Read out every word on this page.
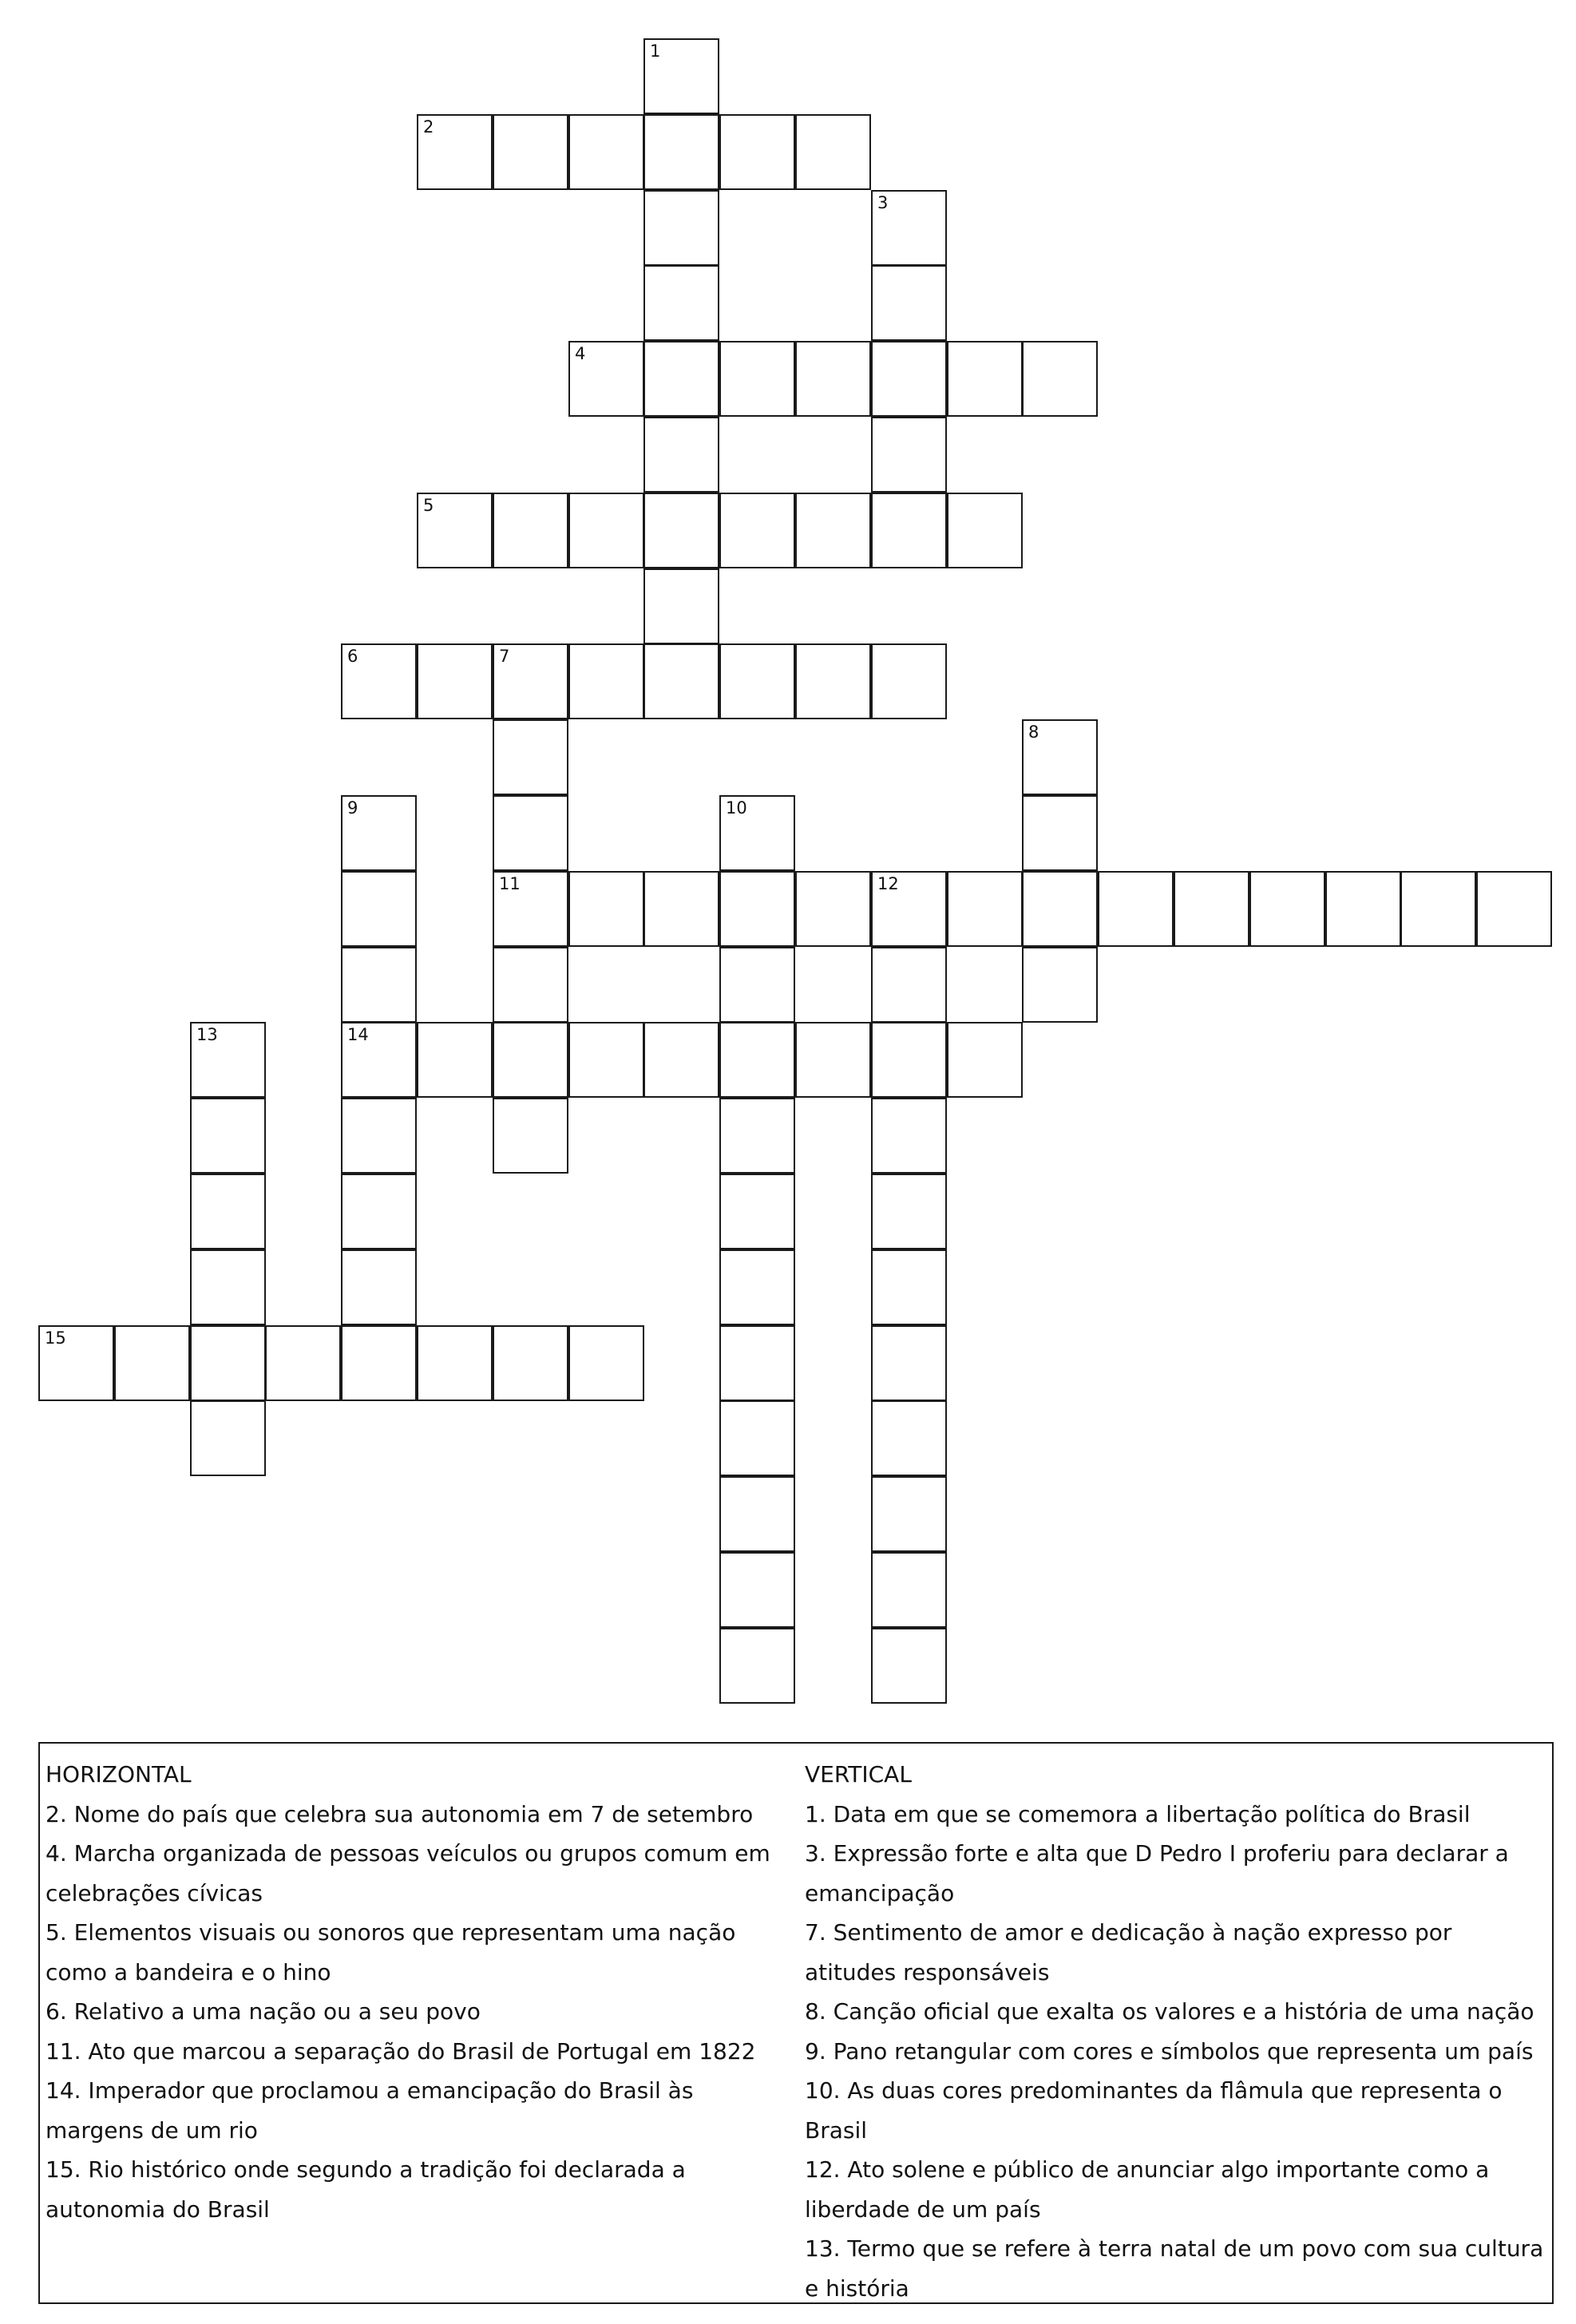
1
2
3
4
5
6	7
11
8
9
14
10
12
13
15

HORIZONTAL

2. Nome do país que celebra sua autonomia em 7 de setembro

4. Marcha organizada de pessoas veículos ou grupos comum em celebrações cívicas

5. Elementos visuais ou sonoros que representam uma nação como a bandeira e o hino

6. Relativo a uma nação ou a seu povo

11. Ato que marcou a separação do Brasil de Portugal em 1822

14. Imperador que proclamou a emancipação do Brasil às margens de um rio

15. Rio histórico onde segundo a tradição foi declarada a autonomia do Brasil

VERTICAL

1. Data em que se comemora a libertação política do Brasil

3. Expressão forte e alta que D Pedro I proferiu para declarar a emancipação

7. Sentimento de amor e dedicação à nação expresso por atitudes responsáveis

8. Canção oficial que exalta os valores e a história de uma nação

9. Pano retangular com cores e símbolos que representa um país

10. As duas cores predominantes da flâmula que representa o Brasil

12. Ato solene e público de anunciar algo importante como a liberdade de um país

13. Termo que se refere à terra natal de um povo com sua cultura e história
